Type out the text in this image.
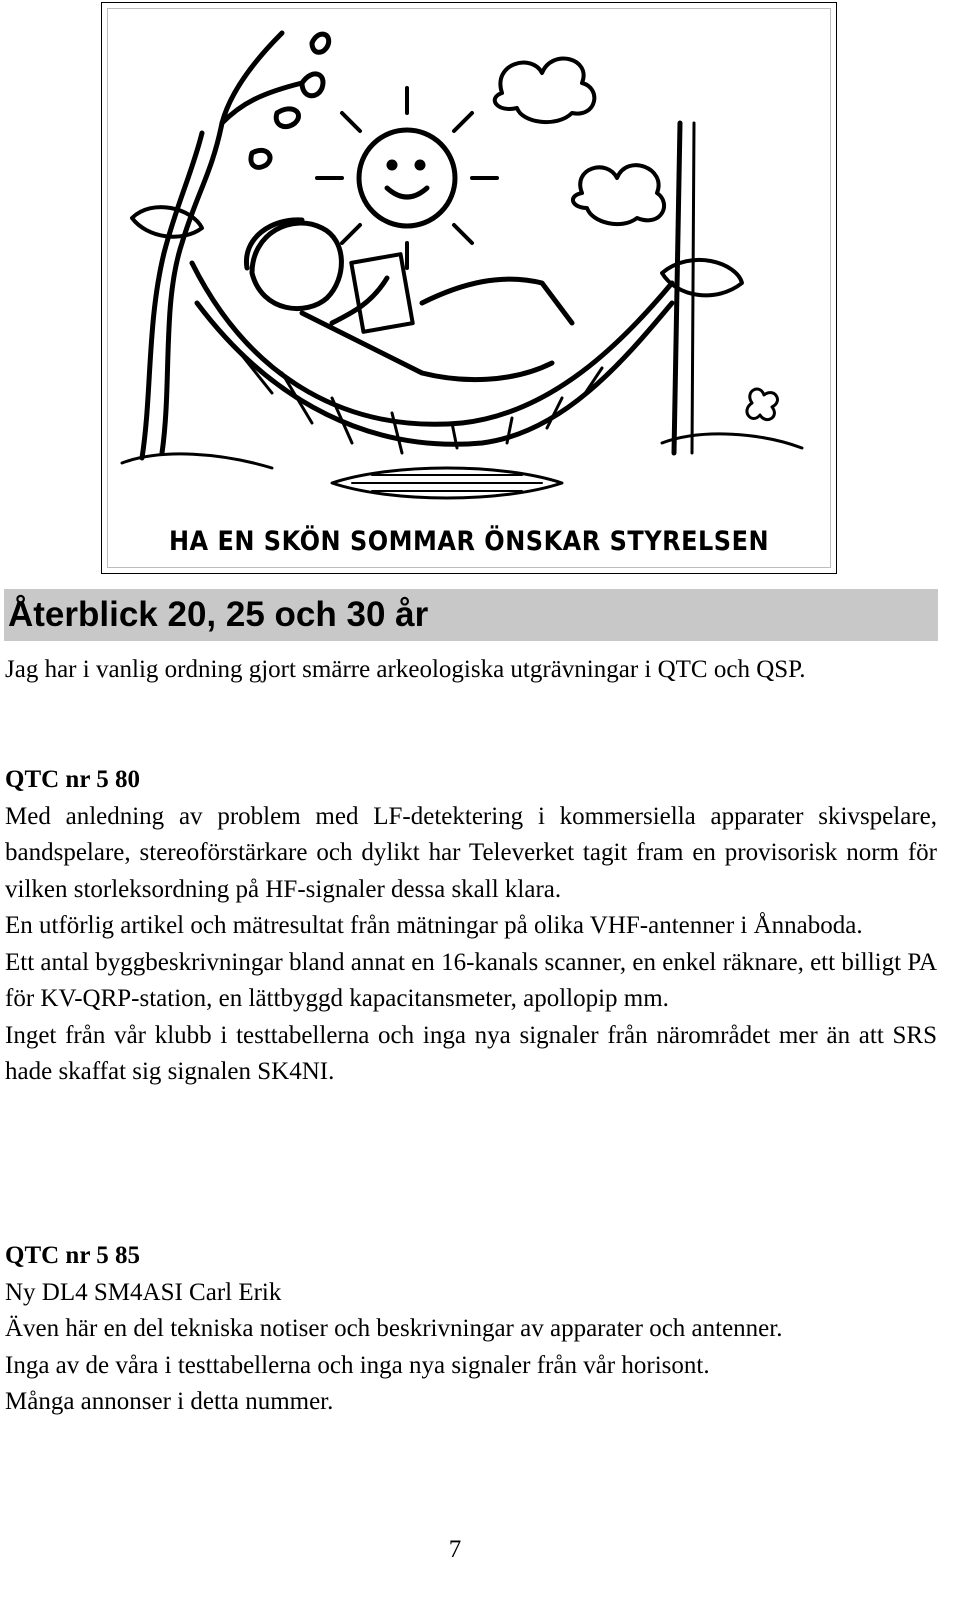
HA EN SKÖN SOMMAR ÖNSKAR STYRELSEN
Återblick 20, 25 och 30 år

Jag har i vanlig ordning gjort smärre arkeologiska utgrävningar i QTC och QSP.

QTC nr 5 80

Med anledning av problem med LF-detektering i kommersiella apparater skivspelare, bandspelare, stereoförstärkare och dylikt har Televerket tagit fram en provisorisk norm för vilken storleksordning på HF-signaler dessa skall klara.

En utförlig artikel och mätresultat från mätningar på olika VHF-antenner i Ånnaboda.

Ett antal byggbeskrivningar bland annat en 16-kanals scanner, en enkel räknare, ett billigt PA för KV-QRP-station, en lättbyggd kapacitansmeter, apollopip mm.

Inget från vår klubb i testtabellerna och inga nya signaler från närområdet mer än att SRS hade skaffat sig signalen SK4NI.

QTC nr 5 85

Ny DL4 SM4ASI Carl Erik

Även här en del tekniska notiser och beskrivningar av apparater och antenner.

Inga av de våra i testtabellerna och inga nya signaler från vår horisont.

Många annonser i detta nummer.

7
